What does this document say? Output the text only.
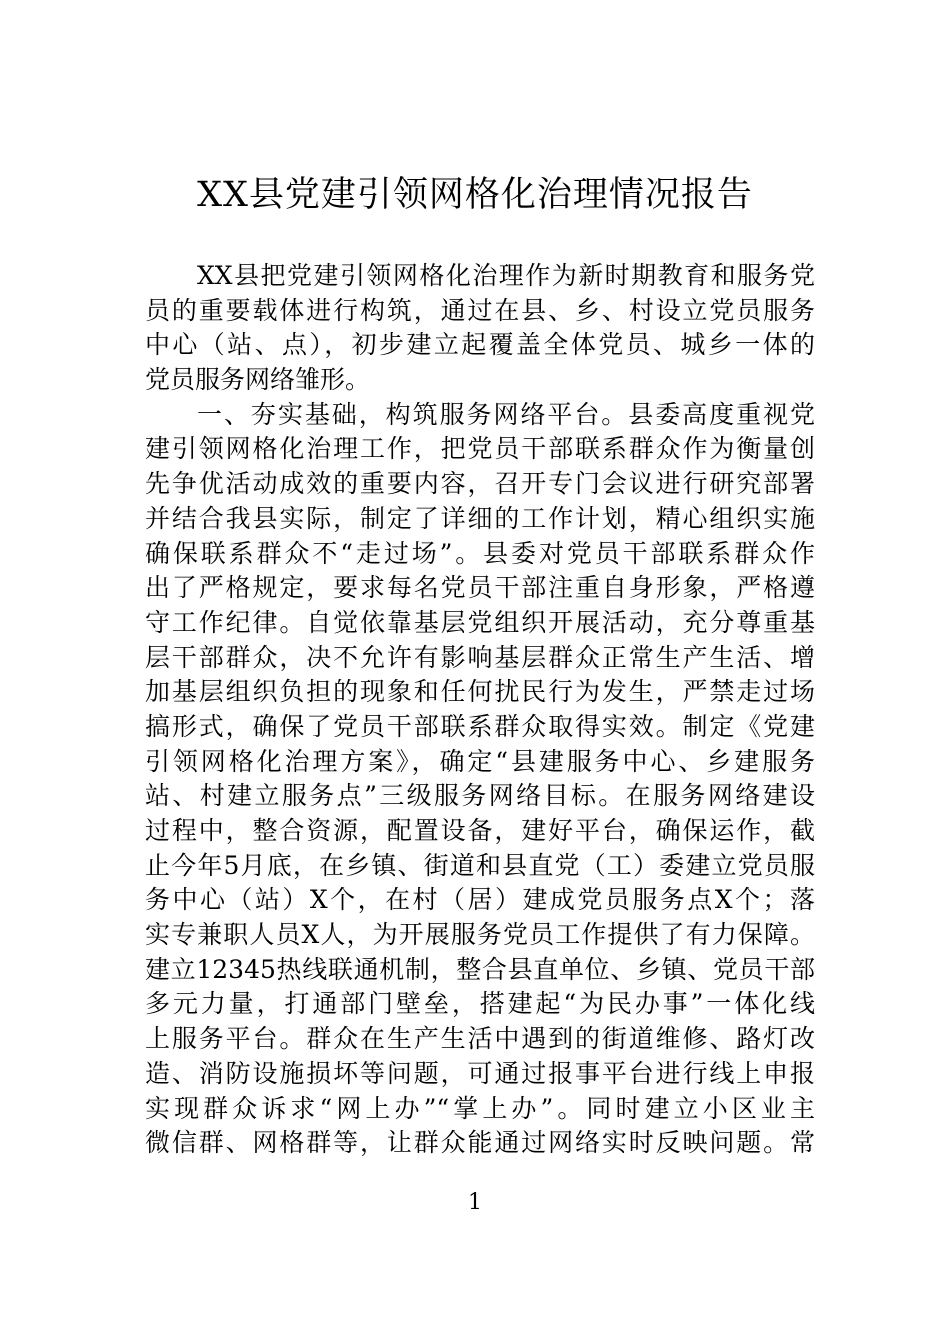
XX县党建引领网格化治理情况报告
XX县把党建引领网格化治理作为新时期教育和服务党
员的重要载体进行构筑，通过在县、乡、村设立党员服务
中心（站、点），初步建立起覆盖全体党员、城乡一体的
党员服务网络雏形。
一、夯实基础，构筑服务网络平台。县委高度重视党
建引领网格化治理工作，把党员干部联系群众作为衡量创
先争优活动成效的重要内容，召开专门会议进行研究部署
并结合我县实际，制定了详细的工作计划，精心组织实施
确保联系群众不“走过场”。县委对党员干部联系群众作
出了严格规定，要求每名党员干部注重自身形象，严格遵
守工作纪律。自觉依靠基层党组织开展活动，充分尊重基
层干部群众，决不允许有影响基层群众正常生产生活、增
加基层组织负担的现象和任何扰民行为发生，严禁走过场
搞形式，确保了党员干部联系群众取得实效。制定《党建
引领网格化治理方案》，确定“县建服务中心、乡建服务
站、村建立服务点”三级服务网络目标。在服务网络建设
过程中，整合资源，配置设备，建好平台，确保运作，截
止今年5月底，在乡镇、街道和县直党（工）委建立党员服
务中心（站）X个，在村（居）建成党员服务点X个；落
实专兼职人员X人，为开展服务党员工作提供了有力保障。
建立12345热线联通机制，整合县直单位、乡镇、党员干部
多元力量，打通部门壁垒，搭建起“为民办事”一体化线
上服务平台。群众在生产生活中遇到的街道维修、路灯改
造、消防设施损坏等问题，可通过报事平台进行线上申报
实现群众诉求“网上办”“掌上办”。同时建立小区业主
微信群、网格群等，让群众能通过网络实时反映问题。常
1
